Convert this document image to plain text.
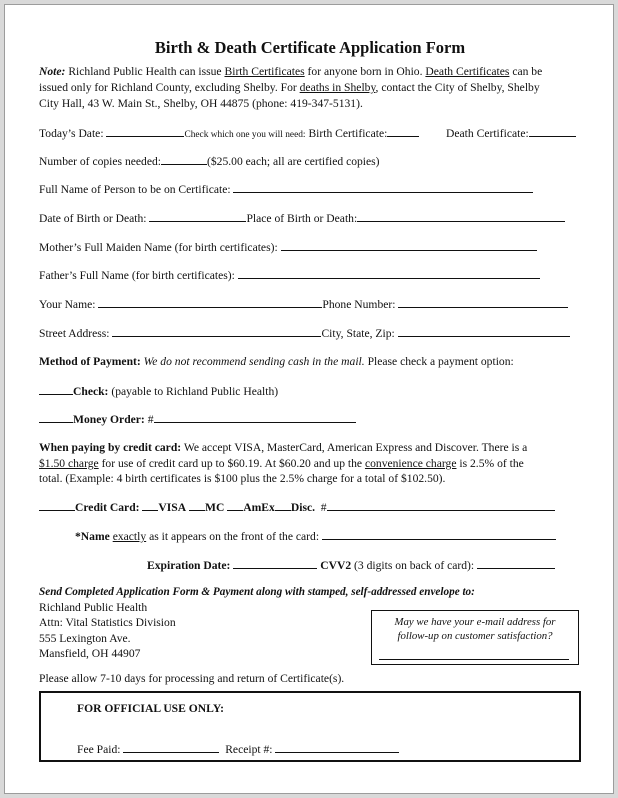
Birth & Death Certificate Application Form
Note: Richland Public Health can issue Birth Certificates for anyone born in Ohio. Death Certificates can be
issued only for Richland County, excluding Shelby. For deaths in Shelby, contact the City of Shelby, Shelby
City Hall, 43 W. Main St., Shelby, OH 44875 (phone: 419-347-5131).
Today’s Date:	Check which one you will need: Birth Certificate:	Death Certificate:
Number of copies needed:	($25.00 each; all are certified copies)
Full Name of Person to be on Certificate:
Date of Birth or Death:	Place of Birth or Death:
Mother’s Full Maiden Name (for birth certificates):
Father’s Full Name (for birth certificates):
Your Name:	Phone Number:
Street Address:	City, State, Zip:
Method of Payment: We do not recommend sending cash in the mail. Please check a payment option:
Check: (payable to Richland Public Health)
Money Order: #
When paying by credit card: We accept VISA, MasterCard, American Express and Discover. There is a
$1.50 charge for use of credit card up to $60.19. At $60.20 and up the convenience charge is 2.5% of the
total. (Example: 4 birth certificates is $100 plus the 2.5% charge for a total of $102.50).
Credit Card: VISA MC AmEx Disc. #
*Name exactly as it appears on the front of the card:
Expiration Date:	CVV2 (3 digits on back of card):
Send Completed Application Form & Payment along with stamped, self-addressed envelope to:
Richland Public Health
Attn: Vital Statistics Division
555 Lexington Ave.
Mansfield, OH 44907
May we have your e-mail address for
follow-up on customer satisfaction?
Please allow 7-10 days for processing and return of Certificate(s).
FOR OFFICIAL USE ONLY:
Fee Paid:	Receipt #:
